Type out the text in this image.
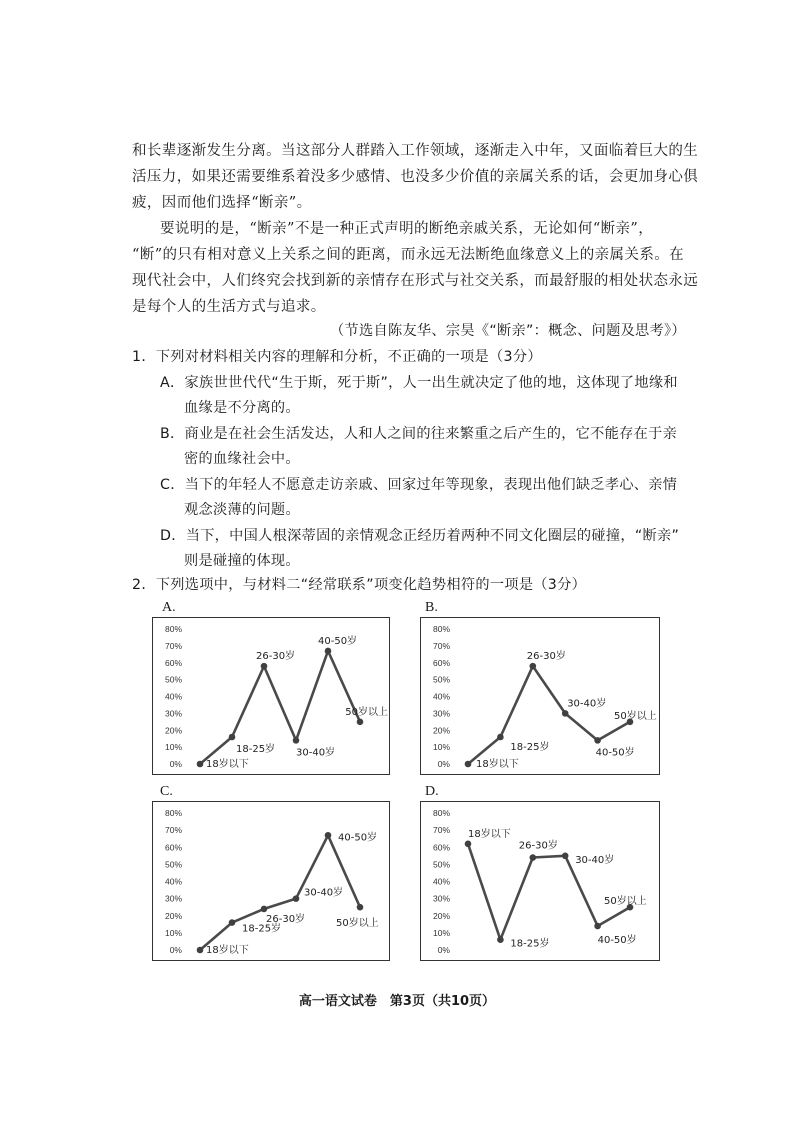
和长辈逐渐发生分离。当这部分人群踏入工作领域，逐渐走入中年，又面临着巨大的生
活压力，如果还需要维系着没多少感情、也没多少价值的亲属关系的话，会更加身心俱
疲，因而他们选择“断亲”。
要说明的是，“断亲”不是一种正式声明的断绝亲戚关系，无论如何“断亲”，
“断”的只有相对意义上关系之间的距离，而永远无法断绝血缘意义上的亲属关系。在
现代社会中，人们终究会找到新的亲情存在形式与社交关系，而最舒服的相处状态永远
是每个人的生活方式与追求。
（节选自陈友华、宗昊《“断亲”：概念、问题及思考》）
1．下列对材料相关内容的理解和分析，不正确的一项是（3分）
A．家族世世代代“生于斯，死于斯”，人一出生就决定了他的地，这体现了地缘和
血缘是不分离的。
B．商业是在社会生活发达，人和人之间的往来繁重之后产生的，它不能存在于亲
密的血缘社会中。
C．当下的年轻人不愿意走访亲戚、回家过年等现象，表现出他们缺乏孝心、亲情
观念淡薄的问题。
D．当下，中国人根深蒂固的亲情观念正经历着两种不同文化圈层的碰撞，“断亲”
则是碰撞的体现。
2．下列选项中，与材料二“经常联系”项变化趋势相符的一项是（3分）
A.	B.
C.	D.
0%
10%
20%
30%
40%
50%
60%
70%
80%
18岁以下
18-25岁
26-30岁
30-40岁
40-50岁
50岁以上
0%
10%
20%
30%
40%
50%
60%
70%
80%
18岁以下
18-25岁
26-30岁
30-40岁
40-50岁
50岁以上
0%
10%
20%
30%
40%
50%
60%
70%
80%
18岁以下
18-25岁
26-30岁
30-40岁
40-50岁
50岁以上
0%
10%
20%
30%
40%
50%
60%
70%
80%
18岁以下
18-25岁
26-30岁
30-40岁
40-50岁
50岁以上
高一语文试卷　第3页（共10页）
